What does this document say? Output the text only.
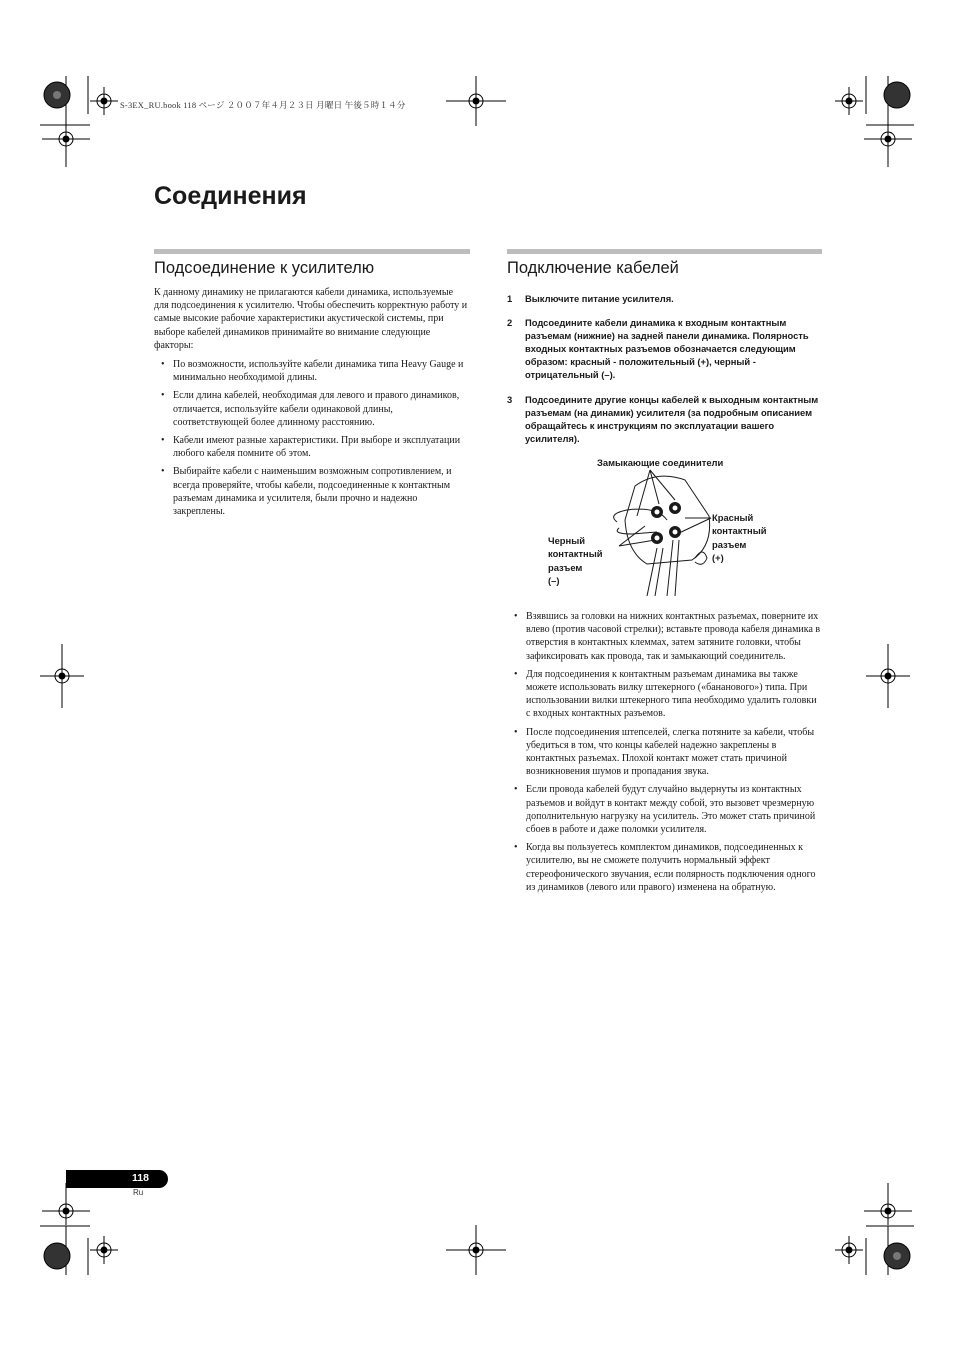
S-3EX_RU.book 118 ページ ２００７年４月２３日 月曜日 午後５時１４分
Соединения
Подсоединение к усилителю

К данному динамику не прилагаются кабели динамика, используемые для подсоединения к усилителю. Чтобы обеспечить корректную работу и самые высокие рабочие характеристики акустической системы, при выборе кабелей динамиков принимайте во внимание следующие факторы:

• По возможности, используйте кабели динамика типа Heavy Gauge и минимально необходимой длины.
• Если длина кабелей, необходимая для левого и правого динамиков, отличается, используйте кабели одинаковой длины, соответствующей более длинному расстоянию.
• Кабели имеют разные характеристики. При выборе и эксплуатации любого кабеля помните об этом.
• Выбирайте кабели с наименьшим возможным сопротивлением, и всегда проверяйте, чтобы кабели, подсоединенные к контактным разъемам динамика и усилителя, были прочно и надежно закреплены.
Подключение кабелей

1 Выключите питание усилителя.

2 Подсоедините кабели динамика к входным контактным разъемам (нижние) на задней панели динамика. Полярность входных контактных разъемов обозначается следующим образом: красный - положительный (+), черный - отрицательный (–).

3 Подсоедините другие концы кабелей к выходным контактным разъемам (на динамик) усилителя (за подробным описанием обращайтесь к инструкциям по эксплуатации вашего усилителя).

Замыкающие соединители
Красный
контактный
разъем
(+)
Черный
контактный
разъем
(–)
• Взявшись за головки на нижних контактных разъемах, поверните их влево (против часовой стрелки); вставьте провода кабеля динамика в отверстия в контактных клеммах, затем затяните головки, чтобы зафиксировать как провода, так и замыкающий соединитель.
• Для подсоединения к контактным разъемам динамика вы также можете использовать вилку штекерного («бананового») типа. При использовании вилки штекерного типа необходимо удалить головки с входных контактных разъемов.
• После подсоединения штепселей, слегка потяните за кабели, чтобы убедиться в том, что концы кабелей надежно закреплены в контактных разъемах. Плохой контакт может стать причиной возникновения шумов и пропадания звука.
• Если провода кабелей будут случайно выдернуты из контактных разъемов и войдут в контакт между собой, это вызовет чрезмерную дополнительную нагрузку на усилитель. Это может стать причиной сбоев в работе и даже поломки усилителя.
• Когда вы пользуетесь комплектом динамиков, подсоединенных к усилителю, вы не сможете получить нормальный эффект стереофонического звучания, если полярность подключения одного из динамиков (левого или правого) изменена на обратную.
118
Ru
